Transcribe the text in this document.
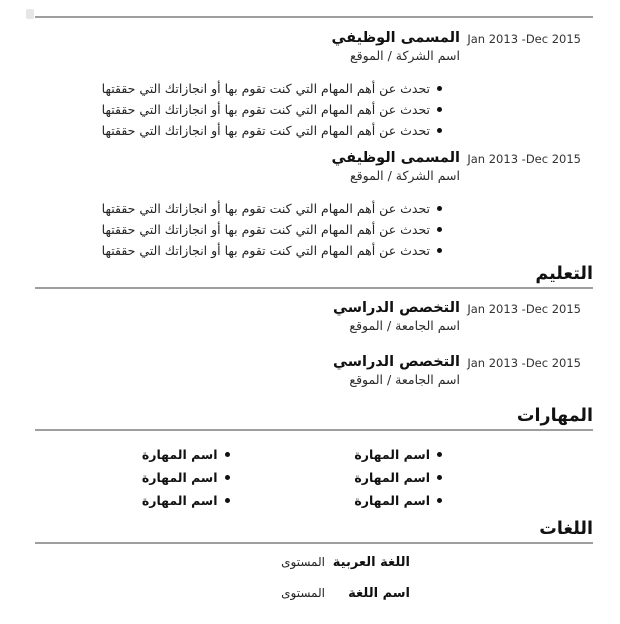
Jan 2013 -Dec 2015
المسمى الوظيفي
اسم الشركة / الموقع
تحدث عن أهم المهام التي كنت تقوم بها أو انجازاتك التي حققتها
تحدث عن أهم المهام التي كنت تقوم بها أو انجازاتك التي حققتها
تحدث عن أهم المهام التي كنت تقوم بها أو انجازاتك التي حققتها
Jan 2013 -Dec 2015
المسمى الوظيفي
اسم الشركة / الموقع
تحدث عن أهم المهام التي كنت تقوم بها أو انجازاتك التي حققتها
تحدث عن أهم المهام التي كنت تقوم بها أو انجازاتك التي حققتها
تحدث عن أهم المهام التي كنت تقوم بها أو انجازاتك التي حققتها
التعليم
Jan 2013 -Dec 2015
التخصص الدراسي
اسم الجامعة / الموقع
Jan 2013 -Dec 2015
التخصص الدراسي
اسم الجامعة / الموقع
المهارات
اسم المهارة
اسم المهارة
اسم المهارة
اسم المهارة
اسم المهارة
اسم المهارة
اللغات
اللغة العربية
المستوى
اسم اللغة
المستوى
